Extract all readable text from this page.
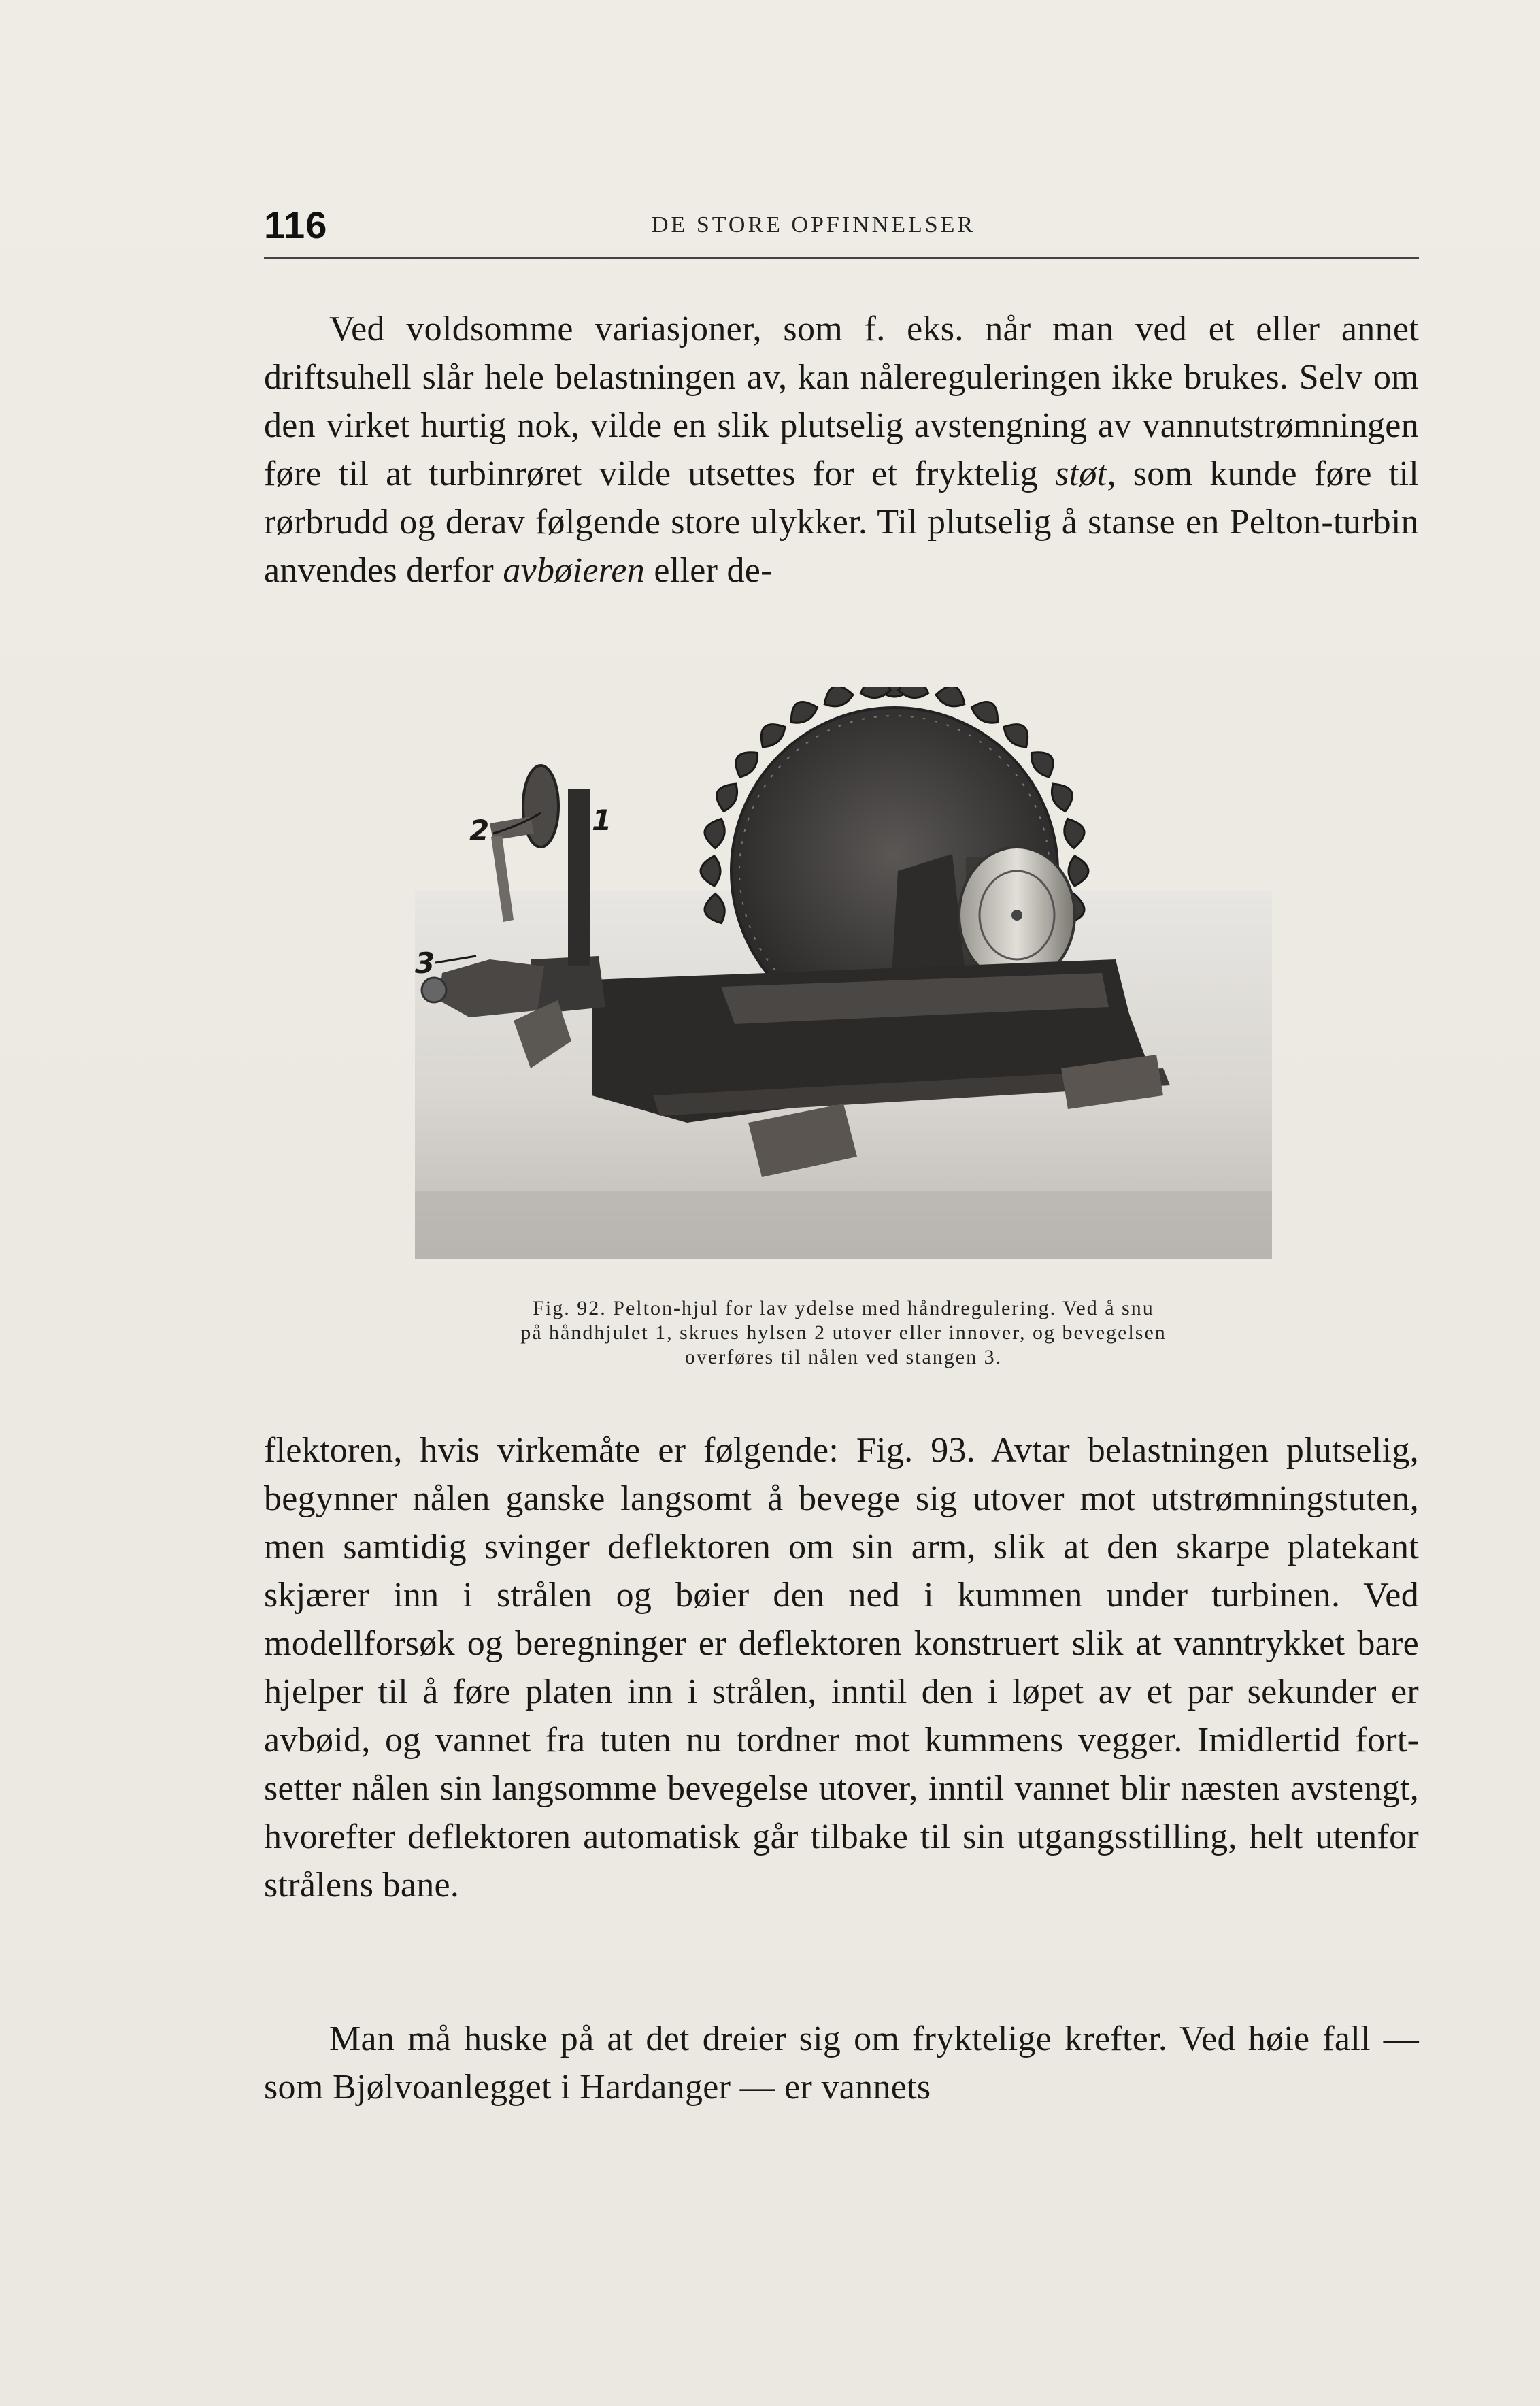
116	DE STORE OPFINNELSER

Ved voldsomme variasjoner, som f. eks. når man ved et eller annet driftsuhell slår hele belastningen av, kan nålereguleringen ikke brukes. Selv om den virket hurtig nok, vilde en slik plutselig avstengning av vannutstrømningen føre til at turbinrøret vilde utsettes for et fryktelig støt, som kunde føre til rørbrudd og derav følgende store ulykker. Til plutselig å stanse en Pelton-turbin anvendes derfor avbøieren eller de-

2	1
3
Fig. 92. Pelton-hjul for lav ydelse med håndregulering. Ved å snu
på håndhjulet 1, skrues hylsen 2 utover eller innover, og bevegelsen
overføres til nålen ved stangen 3.

flektoren, hvis virkemåte er følgende: Fig. 93. Avtar belastningen plutselig, begynner nålen ganske langsomt å bevege sig utover mot utstrømningstuten, men samtidig svinger deflektoren om sin arm, slik at den skarpe platekant skjærer inn i strålen og bøier den ned i kummen under turbinen. Ved modellforsøk og beregninger er deflektoren konstruert slik at vanntrykket bare hjelper til å føre platen inn i strålen, inntil den i løpet av et par sekunder er avbøid, og vannet fra tuten nu tordner mot kummens vegger. Imidlertid fortsetter nålen sin langsomme bevegelse utover, inntil vannet blir næsten avstengt, hvorefter deflektoren automatisk går tilbake til sin utgangsstilling, helt utenfor strålens bane.

Man må huske på at det dreier sig om fryktelige krefter. Ved høie fall — som Bjølvoanlegget i Hardanger — er vannets
